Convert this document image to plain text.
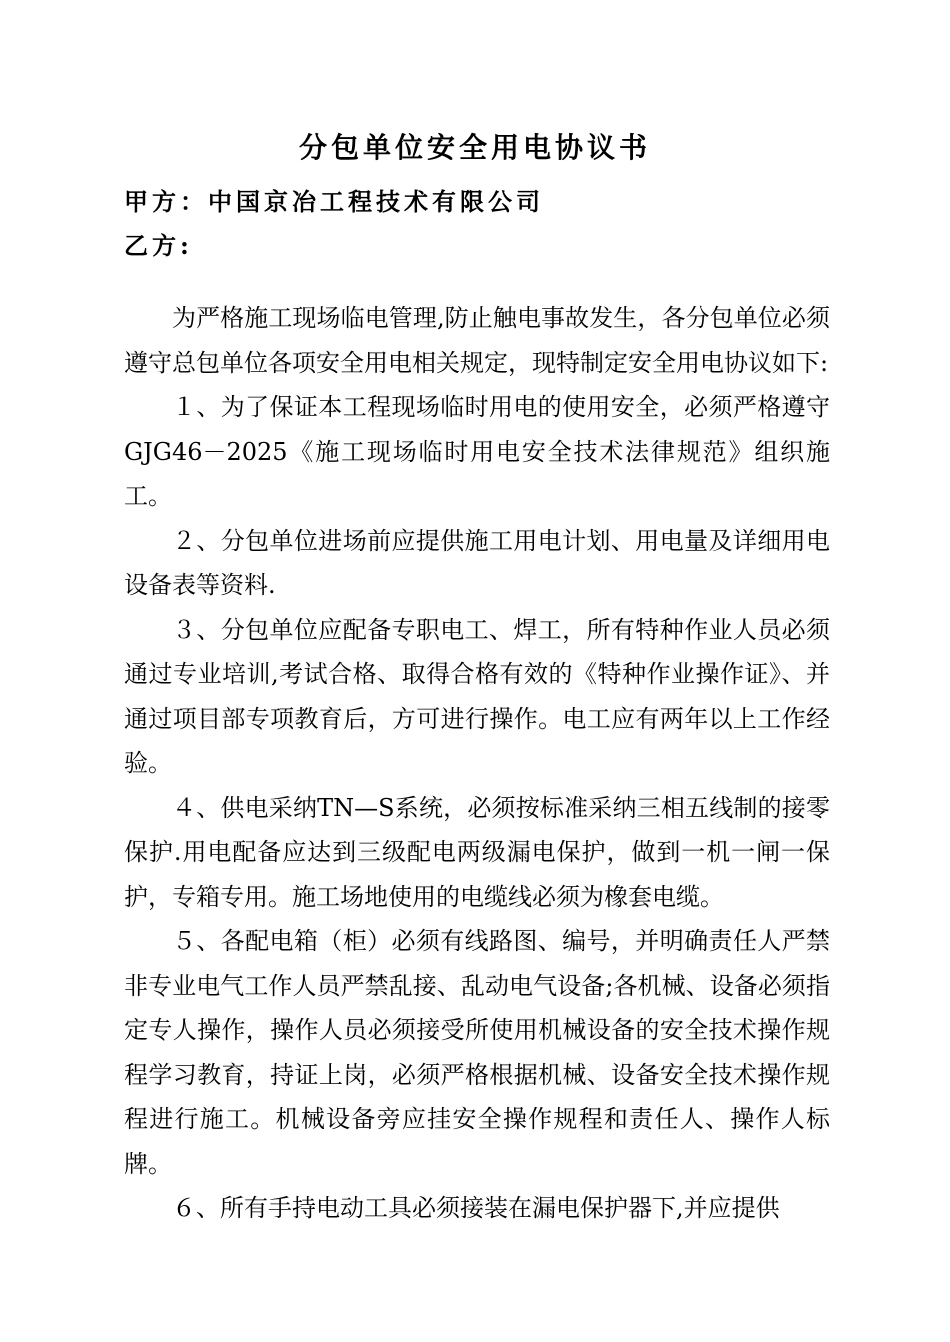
分包单位安全用电协议书

甲方：中国京冶工程技术有限公司

乙方:

为严格施工现场临电管理,防止触电事故发生，各分包单位必须遵守总包单位各项安全用电相关规定，现特制定安全用电协议如下:

１、为了保证本工程现场临时用电的使用安全，必须严格遵守GJG46－2025《施工现场临时用电安全技术法律规范》组织施工。

２、分包单位进场前应提供施工用电计划、用电量及详细用电设备表等资料.

３、分包单位应配备专职电工、焊工，所有特种作业人员必须通过专业培训,考试合格、取得合格有效的《特种作业操作证》、并通过项目部专项教育后，方可进行操作。电工应有两年以上工作经验。

４、供电采纳TN—S系统，必须按标准采纳三相五线制的接零保护.用电配备应达到三级配电两级漏电保护，做到一机一闸一保护，专箱专用。施工场地使用的电缆线必须为橡套电缆。

５、各配电箱（柜）必须有线路图、编号，并明确责任人严禁非专业电气工作人员严禁乱接、乱动电气设备;各机械、设备必须指定专人操作，操作人员必须接受所使用机械设备的安全技术操作规程学习教育，持证上岗，必须严格根据机械、设备安全技术操作规程进行施工。机械设备旁应挂安全操作规程和责任人、操作人标牌。

６、所有手持电动工具必须接装在漏电保护器下,并应提供
